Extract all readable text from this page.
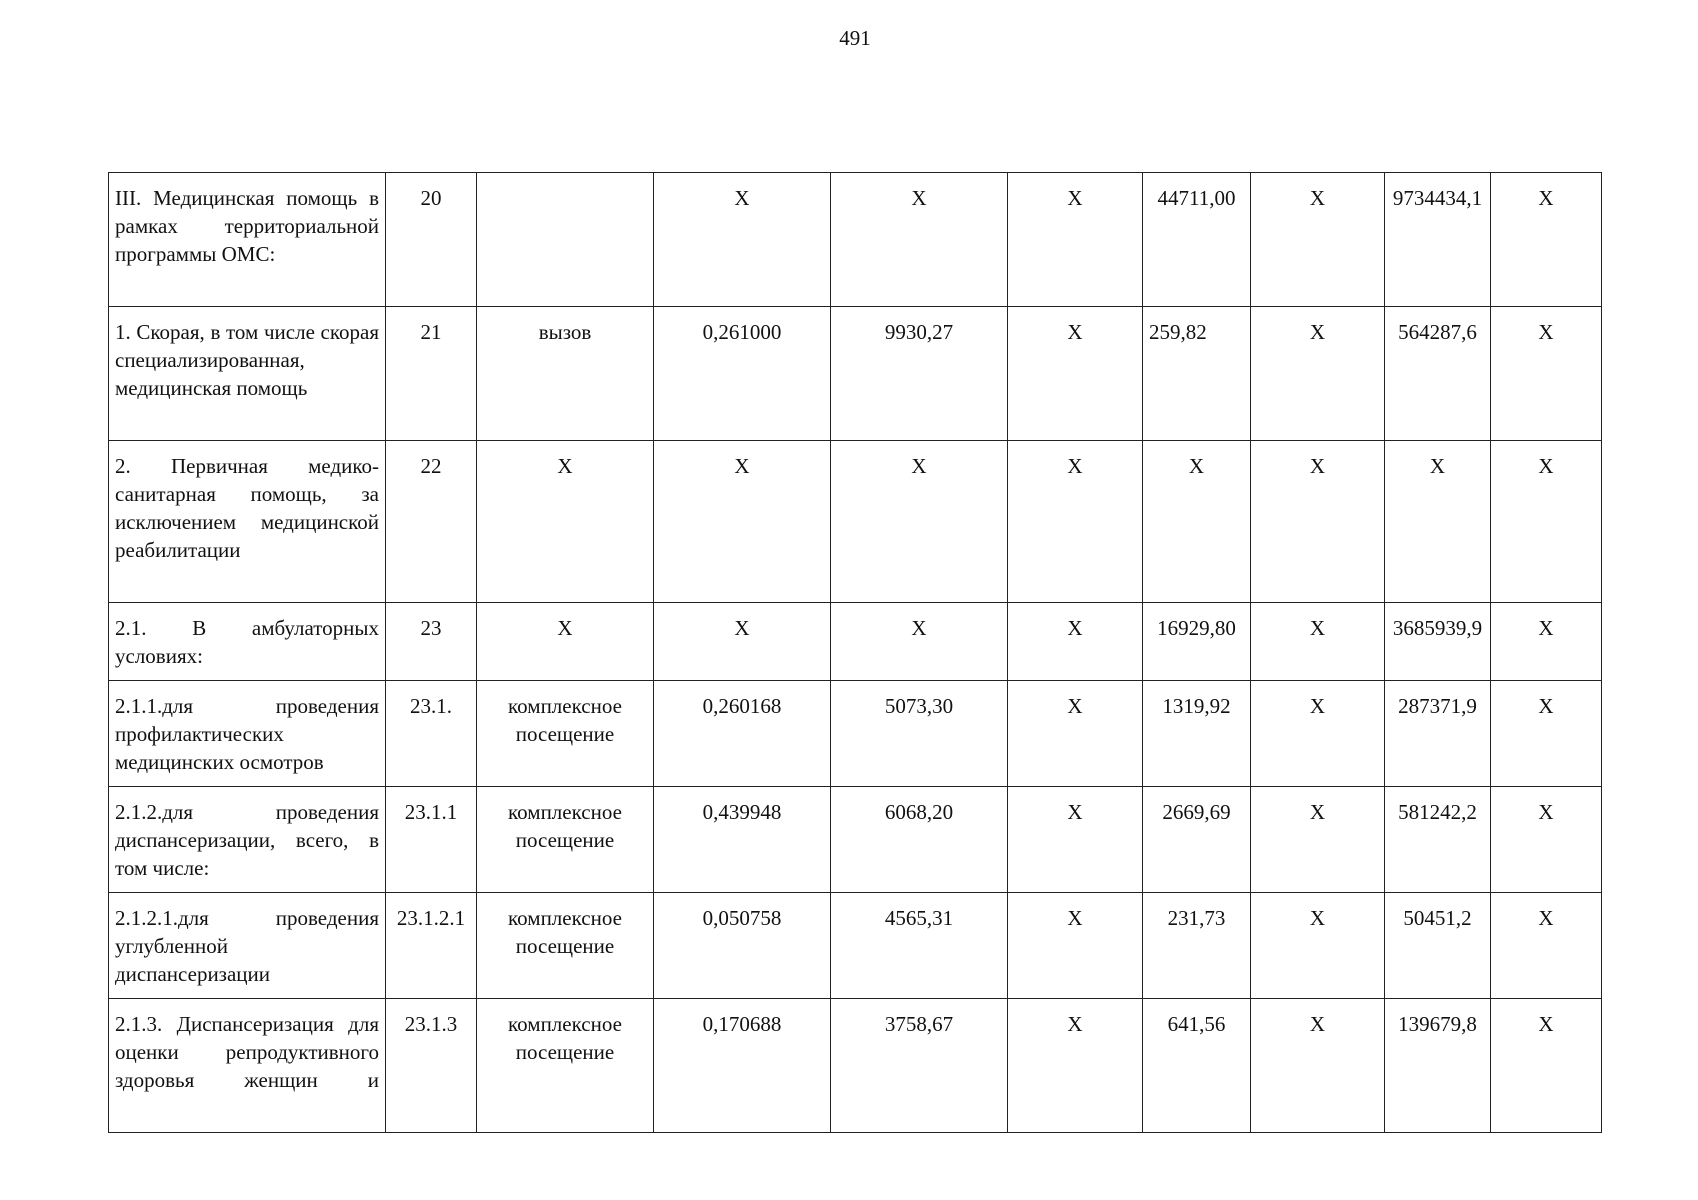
491
III. Медицинская помощь в рамках территориальной программы ОМС:	20		Х	Х	Х	44711,00	Х	9734434,1	Х
1. Скорая, в том числе скорая специализированная, медицинская помощь	21	вызов	0,261000	9930,27	Х	259,82	Х	564287,6	Х
2. Первичная медико-санитарная помощь, за исключением медицинской реабилитации	22	Х	Х	Х	Х	Х	Х	Х	Х
2.1. В амбулаторных условиях:	23	Х	Х	Х	Х	16929,80	Х	3685939,9	Х
2.1.1.для проведения профилактических медицинских осмотров	23.1.	комплексное посещение	0,260168	5073,30	Х	1319,92	Х	287371,9	Х
2.1.2.для проведения диспансеризации, всего, в том числе:	23.1.1	комплексное посещение	0,439948	6068,20	Х	2669,69	Х	581242,2	Х
2.1.2.1.для проведения углубленной диспансеризации	23.1.2.1	комплексное посещение	0,050758	4565,31	Х	231,73	Х	50451,2	Х
2.1.3. Диспансеризация для оценки репродуктивного здоровья женщин и	23.1.3	комплексное посещение	0,170688	3758,67	Х	641,56	Х	139679,8	Х
